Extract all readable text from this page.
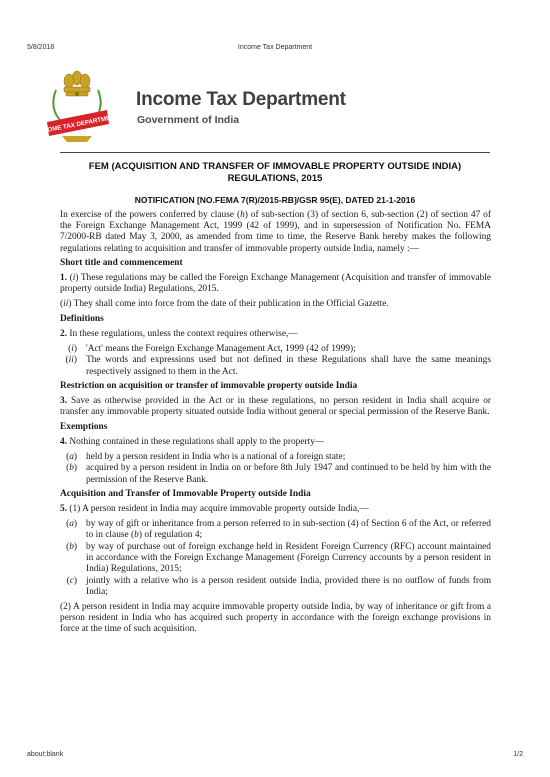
5/8/2018	Income Tax Department
INCOME TAX DEPARTMENT
Income Tax Department
Government of India
FEM (ACQUISITION AND TRANSFER OF IMMOVABLE PROPERTY OUTSIDE INDIA)
REGULATIONS, 2015
NOTIFICATION [NO.FEMA 7(R)/2015-RB]/GSR 95(E), DATED 21-1-2016

In exercise of the powers conferred by clause (h) of sub-section (3) of section 6, sub-section (2) of section 47 of the Foreign Exchange Management Act, 1999 (42 of 1999), and in supersession of Notification No. FEMA 7/2000-RB dated May 3, 2000, as amended from time to time, the Reserve Bank hereby makes the following regulations relating to acquisition and transfer of immovable property outside India, namely :—

Short title and commencement

1. (i) These regulations may be called the Foreign Exchange Management (Acquisition and transfer of immovable property outside India) Regulations, 2015.

(ii) They shall come into force from the date of their publication in the Official Gazette.

Definitions

2. In these regulations, unless the context requires otherwise,—

(i) 'Act' means the Foreign Exchange Management Act, 1999 (42 of 1999);
(ii) The words and expressions used but not defined in these Regulations shall have the same meanings respectively assigned to them in the Act.
Restriction on acquisition or transfer of immovable property outside India

3. Save as otherwise provided in the Act or in these regulations, no person resident in India shall acquire or transfer any immovable property situated outside India without general or special permission of the Reserve Bank.

Exemptions

4. Nothing contained in these regulations shall apply to the property—

(a) held by a person resident in India who is a national of a foreign state;
(b) acquired by a person resident in India on or before 8th July 1947 and continued to be held by him with the permission of the Reserve Bank.
Acquisition and Transfer of Immovable Property outside India

5. (1) A person resident in India may acquire immovable property outside India,—

(a) by way of gift or inheritance from a person referred to in sub-section (4) of Section 6 of the Act, or referred to in clause (b) of regulation 4;
(b) by way of purchase out of foreign exchange held in Resident Foreign Currency (RFC) account maintained in accordance with the Foreign Exchange Management (Foreign Currency accounts by a person resident in India) Regulations, 2015;
(c) jointly with a relative who is a person resident outside India, provided there is no outflow of funds from India;

(2) A person resident in India may acquire immovable property outside India, by way of inheritance or gift from a person resident in India who has acquired such property in accordance with the foreign exchange provisions in force at the time of such acquisition.

about:blank	1/2
